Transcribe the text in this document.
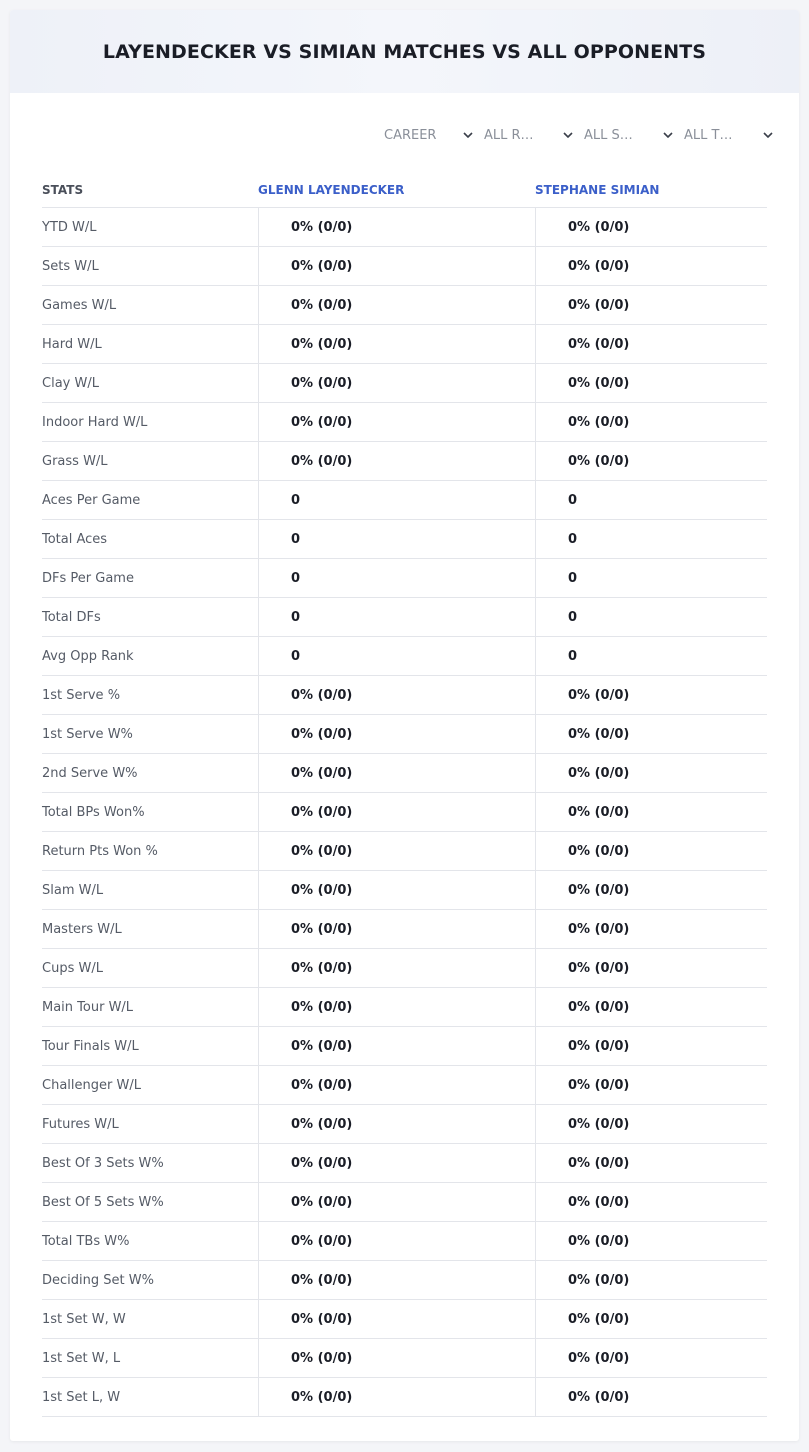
LAYENDECKER VS SIMIAN MATCHES VS ALL OPPONENTS
CAREER	ALL R…	ALL S…	ALL T…
STATS	GLENN LAYENDECKER	STEPHANE SIMIAN
YTD W/L	0% (0/0)	0% (0/0)
Sets W/L	0% (0/0)	0% (0/0)
Games W/L	0% (0/0)	0% (0/0)
Hard W/L	0% (0/0)	0% (0/0)
Clay W/L	0% (0/0)	0% (0/0)
Indoor Hard W/L	0% (0/0)	0% (0/0)
Grass W/L	0% (0/0)	0% (0/0)
Aces Per Game	0	0
Total Aces	0	0
DFs Per Game	0	0
Total DFs	0	0
Avg Opp Rank	0	0
1st Serve %	0% (0/0)	0% (0/0)
1st Serve W%	0% (0/0)	0% (0/0)
2nd Serve W%	0% (0/0)	0% (0/0)
Total BPs Won%	0% (0/0)	0% (0/0)
Return Pts Won %	0% (0/0)	0% (0/0)
Slam W/L	0% (0/0)	0% (0/0)
Masters W/L	0% (0/0)	0% (0/0)
Cups W/L	0% (0/0)	0% (0/0)
Main Tour W/L	0% (0/0)	0% (0/0)
Tour Finals W/L	0% (0/0)	0% (0/0)
Challenger W/L	0% (0/0)	0% (0/0)
Futures W/L	0% (0/0)	0% (0/0)
Best Of 3 Sets W%	0% (0/0)	0% (0/0)
Best Of 5 Sets W%	0% (0/0)	0% (0/0)
Total TBs W%	0% (0/0)	0% (0/0)
Deciding Set W%	0% (0/0)	0% (0/0)
1st Set W, W	0% (0/0)	0% (0/0)
1st Set W, L	0% (0/0)	0% (0/0)
1st Set L, W	0% (0/0)	0% (0/0)
